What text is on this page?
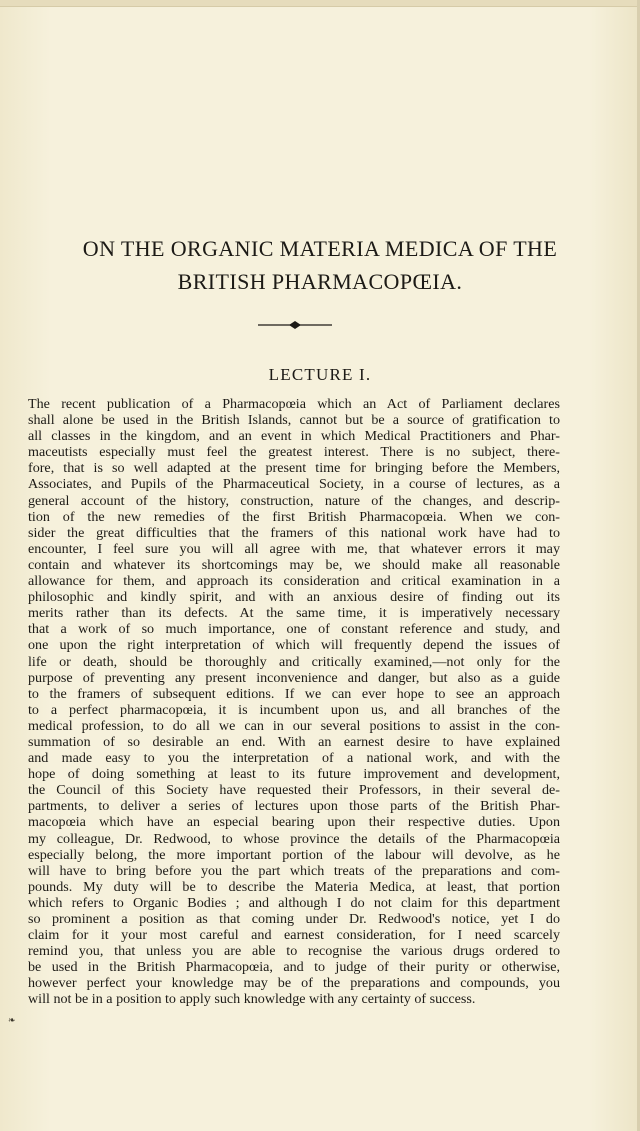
ON THE ORGANIC MATERIA MEDICA OF THE
BRITISH PHARMACOPŒIA.
LECTURE I.
The recent publication of a Pharmacopœia which an Act of Parliament declares
shall alone be used in the British Islands, cannot but be a source of gratification to
all classes in the kingdom, and an event in which Medical Practitioners and Phar-
maceutists especially must feel the greatest interest. There is no subject, there-
fore, that is so well adapted at the present time for bringing before the Members,
Associates, and Pupils of the Pharmaceutical Society, in a course of lectures, as a
general account of the history, construction, nature of the changes, and descrip-
tion of the new remedies of the first British Pharmacopœia. When we con-
sider the great difficulties that the framers of this national work have had to
encounter, I feel sure you will all agree with me, that whatever errors it may
contain and whatever its shortcomings may be, we should make all reasonable
allowance for them, and approach its consideration and critical examination in a
philosophic and kindly spirit, and with an anxious desire of finding out its
merits rather than its defects. At the same time, it is imperatively necessary
that a work of so much importance, one of constant reference and study, and
one upon the right interpretation of which will frequently depend the issues of
life or death, should be thoroughly and critically examined,—not only for the
purpose of preventing any present inconvenience and danger, but also as a guide
to the framers of subsequent editions. If we can ever hope to see an approach
to a perfect pharmacopœia, it is incumbent upon us, and all branches of the
medical profession, to do all we can in our several positions to assist in the con-
summation of so desirable an end. With an earnest desire to have explained
and made easy to you the interpretation of a national work, and with the
hope of doing something at least to its future improvement and development,
the Council of this Society have requested their Professors, in their several de-
partments, to deliver a series of lectures upon those parts of the British Phar-
macopœia which have an especial bearing upon their respective duties. Upon
my colleague, Dr. Redwood, to whose province the details of the Pharmacopœia
especially belong, the more important portion of the labour will devolve, as he
will have to bring before you the part which treats of the preparations and com-
pounds. My duty will be to describe the Materia Medica, at least, that portion
which refers to Organic Bodies ; and although I do not claim for this department
so prominent a position as that coming under Dr. Redwood's notice, yet I do
claim for it your most careful and earnest consideration, for I need scarcely
remind you, that unless you are able to recognise the various drugs ordered to
be used in the British Pharmacopœia, and to judge of their purity or otherwise,
however perfect your knowledge may be of the preparations and compounds, you
will not be in a position to apply such knowledge with any certainty of success.
❧
